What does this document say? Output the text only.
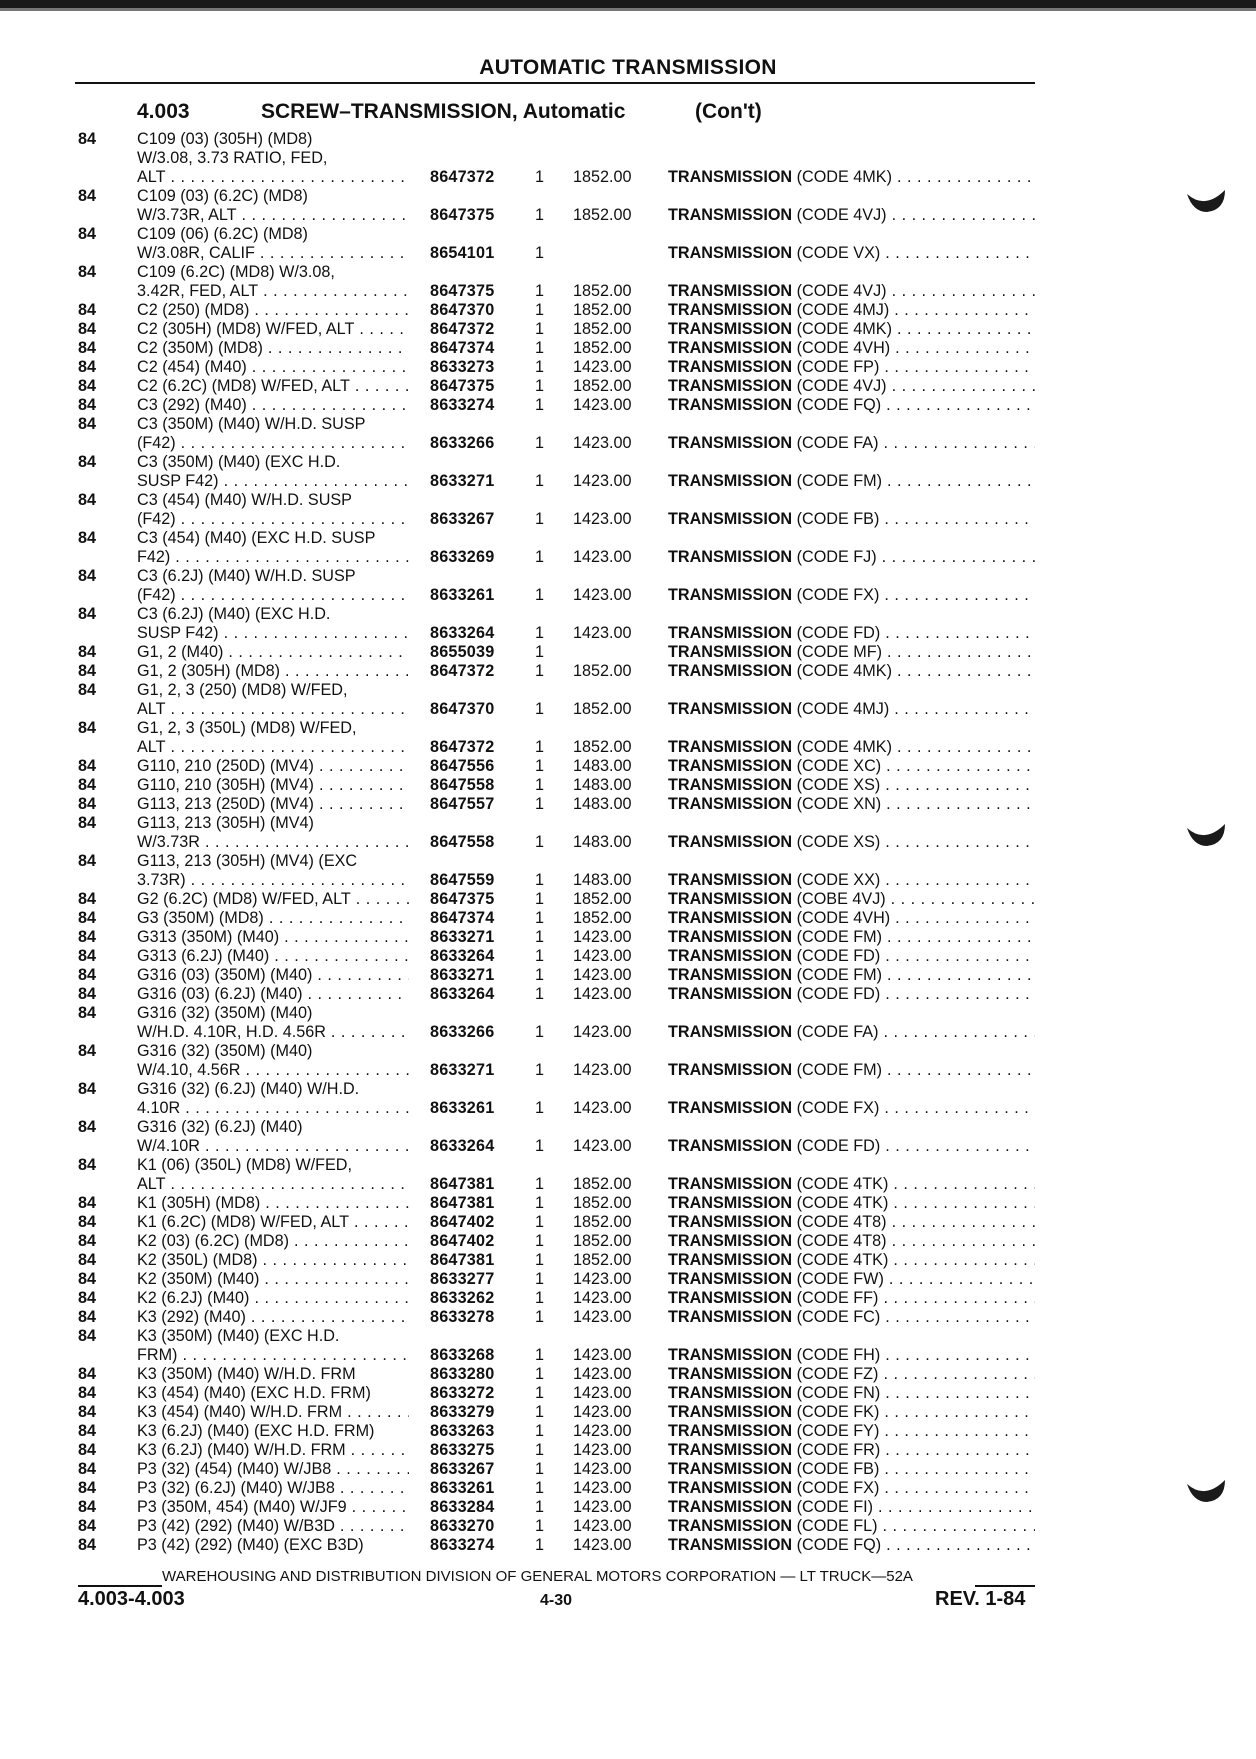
AUTOMATIC TRANSMISSION
4.003	SCREW–TRANSMISSION, Automatic	(Con't)
84	C109 (03) (305H) (MD8)
W/3.08, 3.73 RATIO, FED,
ALT . . .	8647372	1 1852.00 TRANSMISSION (CODE 4MK) . . .
84	C109 (03) (6.2C) (MD8)
W/3.73R, ALT . . .	8647375	1 1852.00 TRANSMISSION (CODE 4VJ) . . .
84	C109 (06) (6.2C) (MD8)
W/3.08R, CALIF . . .	8654101	1	TRANSMISSION (CODE VX) . . .
84	C109 (6.2C) (MD8) W/3.08,
3.42R, FED, ALT . . .	8647375	1 1852.00 TRANSMISSION (CODE 4VJ) . . .
84	C2 (250) (MD8) . . .	8647370	1 1852.00 TRANSMISSION (CODE 4MJ) . . .
84	C2 (305H) (MD8) W/FED, ALT . . .	8647372	1 1852.00 TRANSMISSION (CODE 4MK) . . .
84	C2 (350M) (MD8) . . .	8647374	1 1852.00 TRANSMISSION (CODE 4VH) . . .
84	C2 (454) (M40) . . .	8633273	1 1423.00 TRANSMISSION (CODE FP) . . .
84	C2 (6.2C) (MD8) W/FED, ALT . . .	8647375	1 1852.00 TRANSMISSION (CODE 4VJ) . . .
84	C3 (292) (M40) . . .	8633274	1 1423.00 TRANSMISSION (CODE FQ) . . .
84	C3 (350M) (M40) W/H.D. SUSP
(F42) . . .	8633266	1 1423.00 TRANSMISSION (CODE FA) . . .
84	C3 (350M) (M40) (EXC H.D.
SUSP F42) . . .	8633271	1 1423.00 TRANSMISSION (CODE FM) . . .
84	C3 (454) (M40) W/H.D. SUSP
(F42) . . .	8633267	1 1423.00 TRANSMISSION (CODE FB) . . .
84	C3 (454) (M40) (EXC H.D. SUSP
F42) . . .	8633269	1 1423.00 TRANSMISSION (CODE FJ) . . .
84	C3 (6.2J) (M40) W/H.D. SUSP
(F42) . . .	8633261	1 1423.00 TRANSMISSION (CODE FX) . . .
84	C3 (6.2J) (M40) (EXC H.D.
SUSP F42) . . .	8633264	1 1423.00 TRANSMISSION (CODE FD) . . .
84	G1, 2 (M40) . . .	8655039	1	TRANSMISSION (CODE MF) . . .
84	G1, 2 (305H) (MD8) . . .	8647372	1 1852.00 TRANSMISSION (CODE 4MK) . . .
84	G1, 2, 3 (250) (MD8) W/FED,
ALT . . .	8647370	1 1852.00 TRANSMISSION (CODE 4MJ) . . .
84	G1, 2, 3 (350L) (MD8) W/FED,
ALT . . .	8647372	1 1852.00 TRANSMISSION (CODE 4MK) . . .
84	G110, 210 (250D) (MV4) . . .	8647556	1 1483.00 TRANSMISSION (CODE XC) . . .
84	G110, 210 (305H) (MV4) . . .	8647558	1 1483.00 TRANSMISSION (CODE XS) . . .
84	G113, 213 (250D) (MV4) . . .	8647557	1 1483.00 TRANSMISSION (CODE XN) . . .
84	G113, 213 (305H) (MV4)
W/3.73R . . .	8647558	1 1483.00 TRANSMISSION (CODE XS) . . .
84	G113, 213 (305H) (MV4) (EXC
3.73R) . . .	8647559	1 1483.00 TRANSMISSION (CODE XX) . . .
84	G2 (6.2C) (MD8) W/FED, ALT . . .	8647375	1 1852.00 TRANSMISSION (COBE 4VJ) . . .
84	G3 (350M) (MD8) . . .	8647374	1 1852.00 TRANSMISSION (CODE 4VH) . . .
84	G313 (350M) (M40) . . .	8633271	1 1423.00 TRANSMISSION (CODE FM) . . .
84	G313 (6.2J) (M40) . . .	8633264	1 1423.00 TRANSMISSION (CODE FD) . . .
84	G316 (03) (350M) (M40) . . .	8633271	1 1423.00 TRANSMISSION (CODE FM) . . .
84	G316 (03) (6.2J) (M40) . . .	8633264	1 1423.00 TRANSMISSION (CODE FD) . . .
84	G316 (32) (350M) (M40)
W/H.D. 4.10R, H.D. 4.56R . . .	8633266	1 1423.00 TRANSMISSION (CODE FA) . . .
84	G316 (32) (350M) (M40)
W/4.10, 4.56R . . .	8633271	1 1423.00 TRANSMISSION (CODE FM) . . .
84	G316 (32) (6.2J) (M40) W/H.D.
4.10R . . .	8633261	1 1423.00 TRANSMISSION (CODE FX) . . .
84	G316 (32) (6.2J) (M40)
W/4.10R . . .	8633264	1 1423.00 TRANSMISSION (CODE FD) . . .
84	K1 (06) (350L) (MD8) W/FED,
ALT . . .	8647381	1 1852.00 TRANSMISSION (CODE 4TK) . . .
84	K1 (305H) (MD8) . . .	8647381	1 1852.00 TRANSMISSION (CODE 4TK) . . .
84	K1 (6.2C) (MD8) W/FED, ALT . . .	8647402	1 1852.00 TRANSMISSION (CODE 4T8) . . .
84	K2 (03) (6.2C) (MD8) . . .	8647402	1 1852.00 TRANSMISSION (CODE 4T8) . . .
84	K2 (350L) (MD8) . . .	8647381	1 1852.00 TRANSMISSION (CODE 4TK) . . .
84	K2 (350M) (M40) . . .	8633277	1 1423.00 TRANSMISSION (CODE FW) . . .
84	K2 (6.2J) (M40) . . .	8633262	1 1423.00 TRANSMISSION (CODE FF) . . .
84	K3 (292) (M40) . . .	8633278	1 1423.00 TRANSMISSION (CODE FC) . . .
84	K3 (350M) (M40) (EXC H.D.
FRM) . . .	8633268	1 1423.00 TRANSMISSION (CODE FH) . . .
84	K3 (350M) (M40) W/H.D. FRM	8633280	1 1423.00 TRANSMISSION (CODE FZ) . . .
84	K3 (454) (M40) (EXC H.D. FRM)	8633272	1 1423.00 TRANSMISSION (CODE FN) . . .
84	K3 (454) (M40) W/H.D. FRM . . .	8633279	1 1423.00 TRANSMISSION (CODE FK) . . .
84	K3 (6.2J) (M40) (EXC H.D. FRM)	8633263	1 1423.00 TRANSMISSION (CODE FY) . . .
84	K3 (6.2J) (M40) W/H.D. FRM . . .	8633275	1 1423.00 TRANSMISSION (CODE FR) . . .
84	P3 (32) (454) (M40) W/JB8 . . .	8633267	1 1423.00 TRANSMISSION (CODE FB) . . .
84	P3 (32) (6.2J) (M40) W/JB8 . . .	8633261	1 1423.00 TRANSMISSION (CODE FX) . . .
84	P3 (350M, 454) (M40) W/JF9 . . .	8633284	1 1423.00 TRANSMISSION (CODE FI) . . .
84	P3 (42) (292) (M40) W/B3D . . .	8633270	1 1423.00 TRANSMISSION (CODE FL) . . .
84	P3 (42) (292) (M40) (EXC B3D)	8633274	1 1423.00 TRANSMISSION (CODE FQ) . . .
WAREHOUSING AND DISTRIBUTION DIVISION OF GENERAL MOTORS CORPORATION — LT TRUCK—52A
4.003-4.003	4-30	REV. 1-84
